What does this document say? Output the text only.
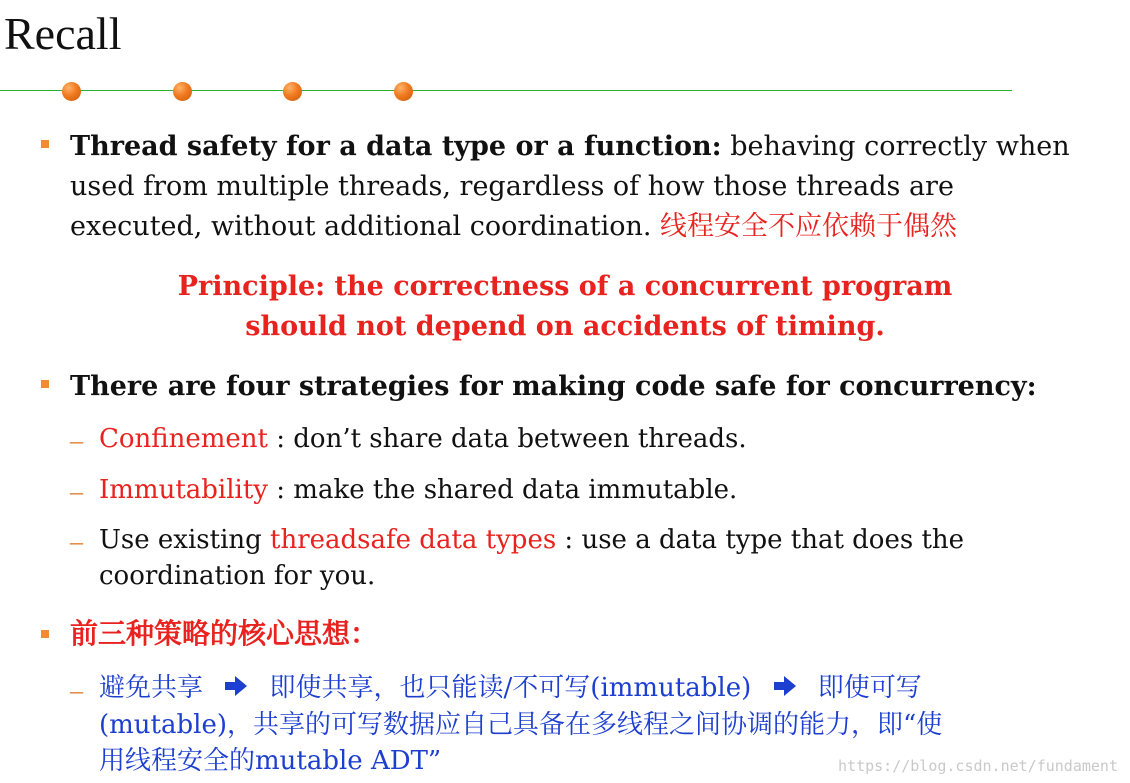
Recall
Thread safety for a data type or a function: behaving correctly when
used from multiple threads, regardless of how those threads are
executed, without additional coordination. 线程安全不应依赖于偶然
Principle: the correctness of a concurrent program
should not depend on accidents of timing.
There are four strategies for making code safe for concurrency:
– Confinement : don’t share data between threads.
– Immutability : make the shared data immutable.
– Use existing threadsafe data types : use a data type that does the
coordination for you.
前三种策略的核心思想：
– 避免共享	即使共享，也只能读/不可写(immutable)	即使可写
(mutable)，共享的可写数据应自己具备在多线程之间协调的能力，即“使
用线程安全的mutable ADT”	https://blog.csdn.net/fundament
